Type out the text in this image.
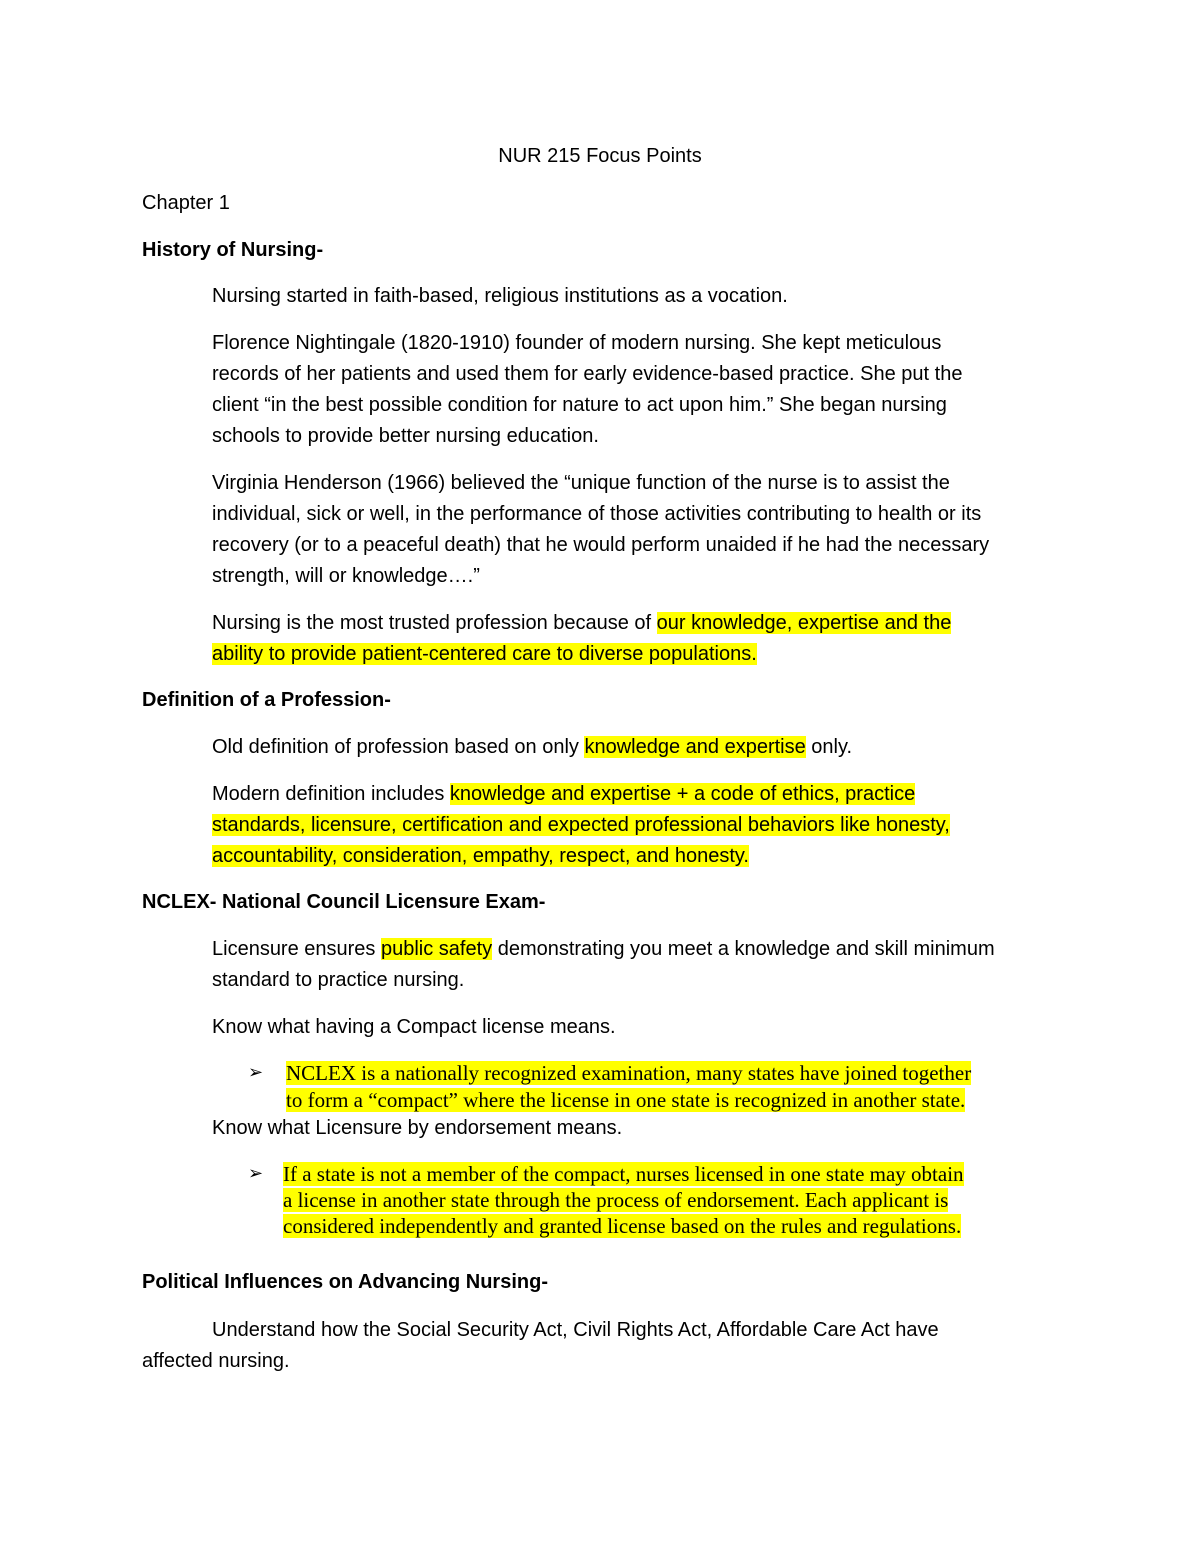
NUR 215 Focus Points
Chapter 1
History of Nursing-
Nursing started in faith-based, religious institutions as a vocation.
Florence Nightingale (1820-1910) founder of modern nursing. She kept meticulous
records of her patients and used them for early evidence-based practice. She put the
client “in the best possible condition for nature to act upon him.” She began nursing
schools to provide better nursing education.
Virginia Henderson (1966) believed the “unique function of the nurse is to assist the
individual, sick or well, in the performance of those activities contributing to health or its
recovery (or to a peaceful death) that he would perform unaided if he had the necessary
strength, will or knowledge….”
Nursing is the most trusted profession because of our knowledge, expertise and the
ability to provide patient-centered care to diverse populations.
Definition of a Profession-
Old definition of profession based on only knowledge and expertise only.
Modern definition includes knowledge and expertise + a code of ethics, practice
standards, licensure, certification and expected professional behaviors like honesty,
accountability, consideration, empathy, respect, and honesty.
NCLEX- National Council Licensure Exam-
Licensure ensures public safety demonstrating you meet a knowledge and skill minimum
standard to practice nursing.
Know what having a Compact license means.
➢ NCLEX is a nationally recognized examination, many states have joined together
to form a “compact” where the license in one state is recognized in another state.
Know what Licensure by endorsement means.
➢ If a state is not a member of the compact, nurses licensed in one state may obtain
a license in another state through the process of endorsement. Each applicant is
considered independently and granted license based on the rules and regulations.
Political Influences on Advancing Nursing-
Understand how the Social Security Act, Civil Rights Act, Affordable Care Act have
affected nursing.
